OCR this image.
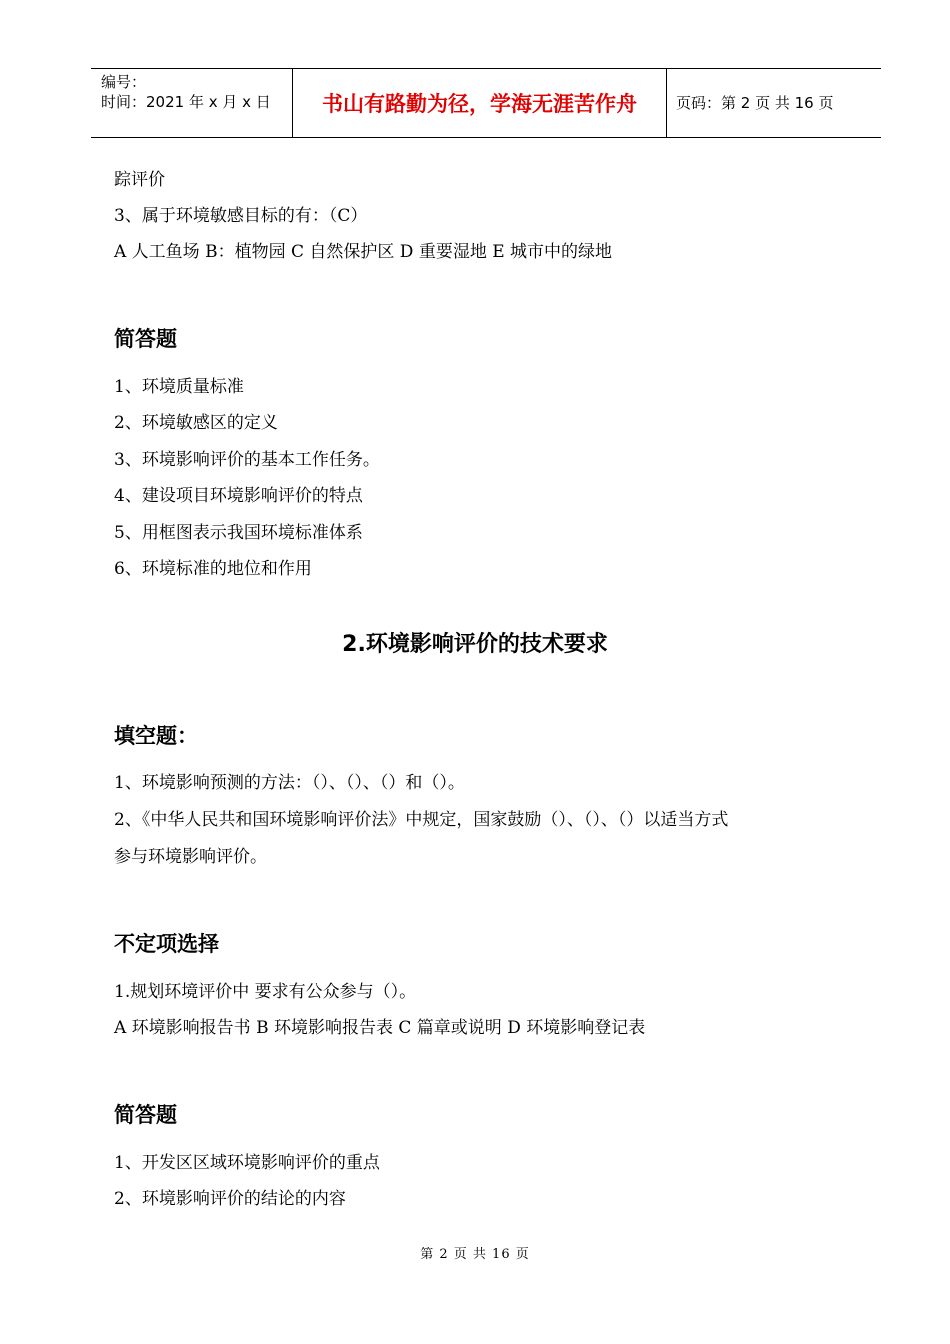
编号：
时间：2021 年 x 月 x 日	书山有路勤为径，学海无涯苦作舟	页码：第 2 页 共 16 页
踪评价
3、属于环境敏感目标的有：（C）
A 人工鱼场 B：植物园 C 自然保护区 D 重要湿地 E 城市中的绿地
简答题
1、环境质量标准
2、环境敏感区的定义
3、环境影响评价的基本工作任务。
4、建设项目环境影响评价的特点
5、用框图表示我国环境标准体系
6、环境标准的地位和作用
2.环境影响评价的技术要求
填空题：
1、环境影响预测的方法：（）、（）、（）和（）。
2、《中华人民共和国环境影响评价法》中规定，国家鼓励（）、（）、（）以适当方式
参与环境影响评价。
不定项选择
1.规划环境评价中 要求有公众参与（）。
A 环境影响报告书 B 环境影响报告表 C 篇章或说明 D 环境影响登记表
简答题
1、开发区区域环境影响评价的重点
2、环境影响评价的结论的内容
第 2 页 共 16 页
